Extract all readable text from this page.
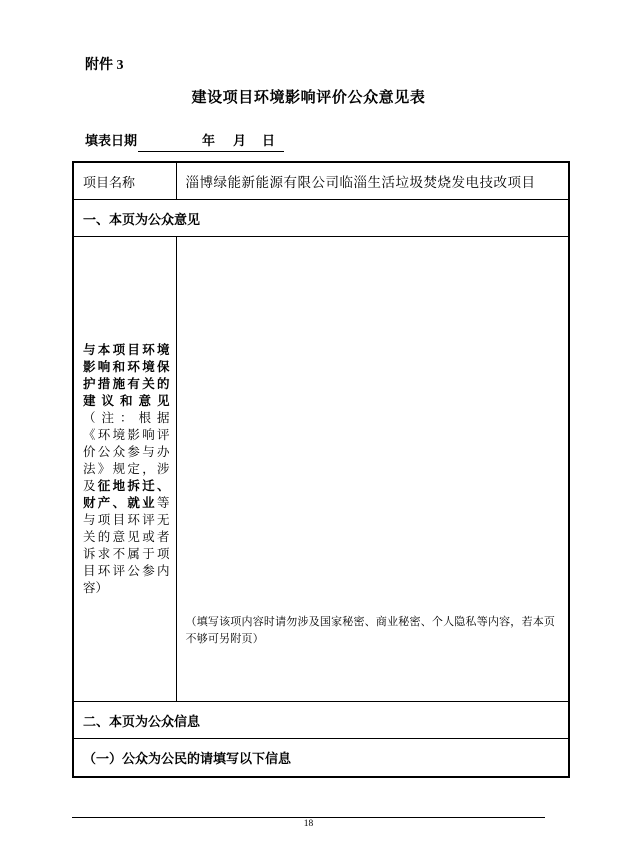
附件 3
建设项目环境影响评价公众意见表
填表日期	年 月 日
项目名称	淄博绿能新能源有限公司临淄生活垃圾焚烧发电技改项目
一、本页为公众意见	

与本项目环境影响和环境保护措施有关的建议和意见（注：根据《环境影响评价公众参与办法》规定，涉及征地拆迁、财产、就业等与项目环评无关的意见或者诉求不属于项目环评公参内容）	（填写该项内容时请勿涉及国家秘密、商业秘密、个人隐私等内容，若本页不够可另附页）

二、本页为公众信息	
（一）公众为公民的请填写以下信息	
18
